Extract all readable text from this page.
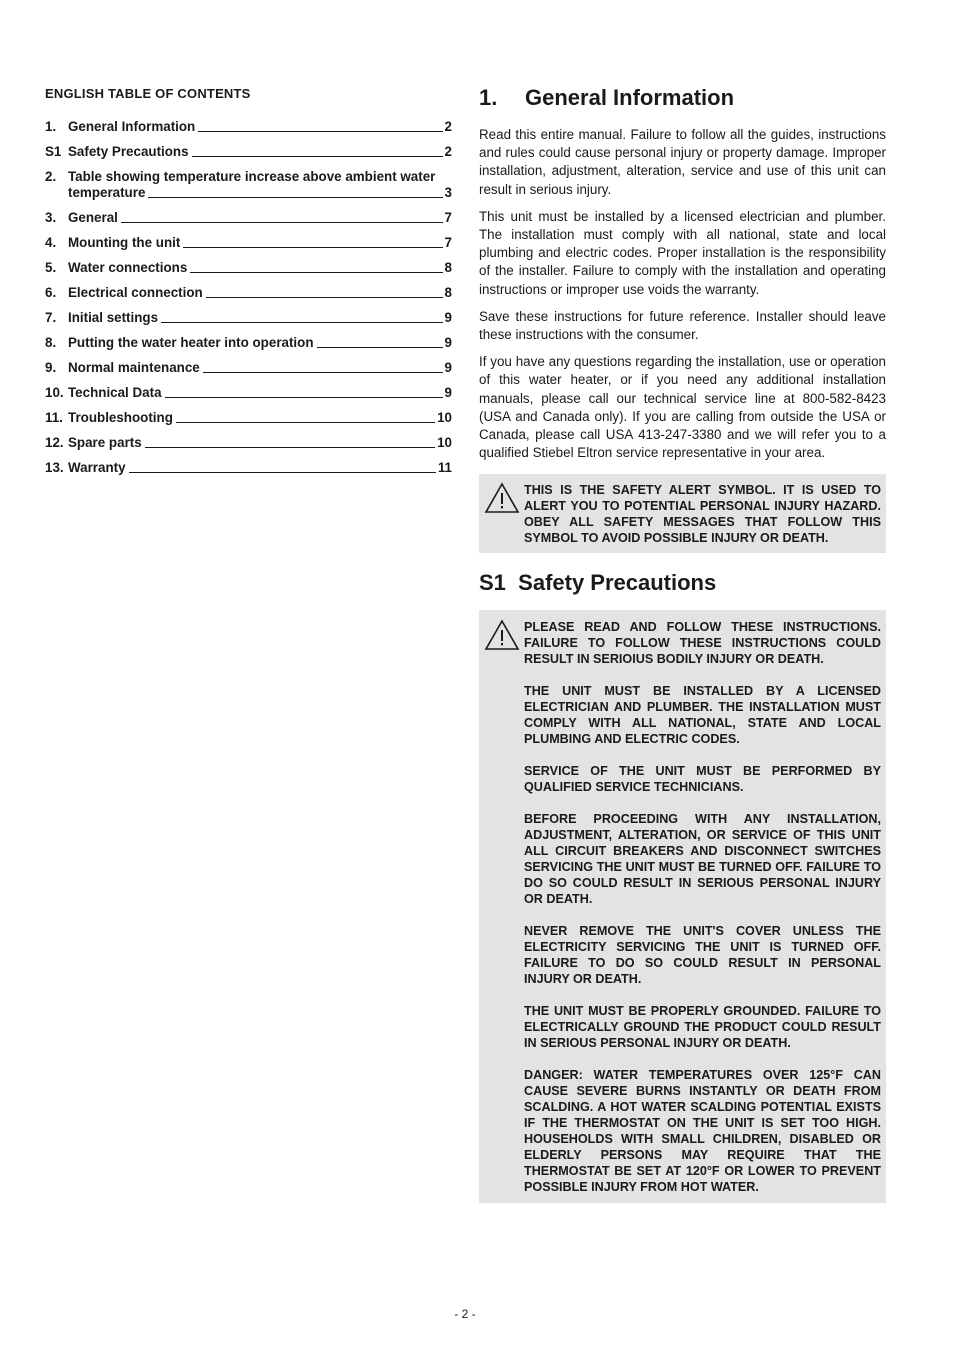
ENGLISH TABLE OF CONTENTS
1. General Information	2
S1 Safety Precautions	2
2. Table showing temperature increase above ambient water
temperature	3
3. General	7
4. Mounting the unit	7
5. Water connections	8
6. Electrical connection	8
7. Initial settings	9
8. Putting the water heater into operation	9
9. Normal maintenance	9
10. Technical Data	9
11. Troubleshooting	10
12. Spare parts	10
13. Warranty	11
1. General Information

Read this entire manual. Failure to follow all the guides, instructions and rules could cause personal injury or property damage. Improper installation, adjustment, alteration, service and use of this unit can result in serious injury.

This unit must be installed by a licensed electrician and plumber. The installation must comply with all national, state and local plumbing and electric codes. Proper installation is the responsibility of the installer. Failure to comply with the installation and operating instructions or improper use voids the warranty.

Save these instructions for future reference. Installer should leave these instructions with the consumer.

If you have any questions regarding the installation, use or operation of this water heater, or if you need any additional installation manuals, please call our technical service line at 800-582-8423 (USA and Canada only). If you are calling from outside the USA or Canada, please call USA 413-247-3380 and we will refer you to a qualified Stiebel Eltron service representative in your area.

THIS IS THE SAFETY ALERT SYMBOL. IT IS USED TO ALERT YOU TO POTENTIAL PERSONAL INJURY HAZARD. OBEY ALL SAFETY MESSAGES THAT FOLLOW THIS SYMBOL TO AVOID POSSIBLE INJURY OR DEATH.

S1 Safety Precautions

PLEASE READ AND FOLLOW THESE INSTRUCTIONS. FAILURE TO FOLLOW THESE INSTRUCTIONS COULD RESULT IN SERIOIUS BODILY INJURY OR DEATH.

THE UNIT MUST BE INSTALLED BY A LICENSED ELECTRICIAN AND PLUMBER. THE INSTALLATION MUST COMPLY WITH ALL NATIONAL, STATE AND LOCAL PLUMBING AND ELECTRIC CODES.

SERVICE OF THE UNIT MUST BE PERFORMED BY QUALIFIED SERVICE TECHNICIANS.

BEFORE PROCEEDING WITH ANY INSTALLATION, ADJUSTMENT, ALTERATION, OR SERVICE OF THIS UNIT ALL CIRCUIT BREAKERS AND DISCONNECT SWITCHES SERVICING THE UNIT MUST BE TURNED OFF. FAILURE TO DO SO COULD RESULT IN SERIOUS PERSONAL INJURY OR DEATH.

NEVER REMOVE THE UNIT'S COVER UNLESS THE ELECTRICITY SERVICING THE UNIT IS TURNED OFF. FAILURE TO DO SO COULD RESULT IN PERSONAL INJURY OR DEATH.

THE UNIT MUST BE PROPERLY GROUNDED. FAILURE TO ELECTRICALLY GROUND THE PRODUCT COULD RESULT IN SERIOUS PERSONAL INJURY OR DEATH.

DANGER: WATER TEMPERATURES OVER 125°F CAN CAUSE SEVERE BURNS INSTANTLY OR DEATH FROM SCALDING. A HOT WATER SCALDING POTENTIAL EXISTS IF THE THERMOSTAT ON THE UNIT IS SET TOO HIGH. HOUSEHOLDS WITH SMALL CHILDREN, DISABLED OR ELDERLY PERSONS MAY REQUIRE THAT THE THERMOSTAT BE SET AT 120°F OR LOWER TO PREVENT POSSIBLE INJURY FROM HOT WATER.

- 2 -
